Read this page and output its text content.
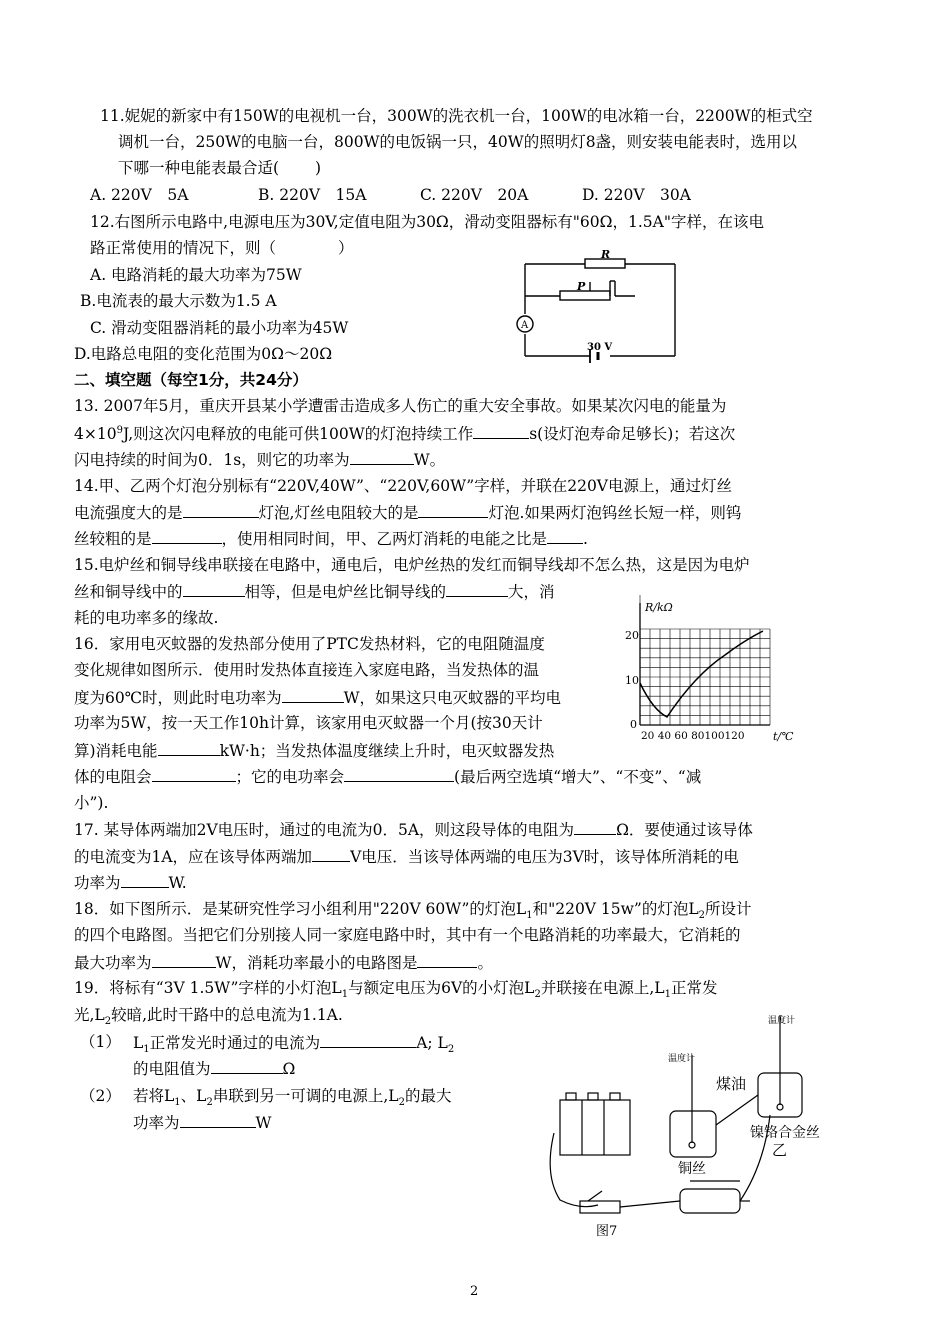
11.妮妮的新家中有150W的电视机一台，300W的洗衣机一台，100W的电冰箱一台，2200W的柜式空
调机一台，250W的电脑一台，800W的电饭锅一只，40W的照明灯8盏，则安装电能表时，选用以
下哪一种电能表最合适(　　 )
A. 220V　5A	B. 220V　15A	C. 220V　20A	D. 220V　30A
12.右图所示电路中,电源电压为30V,定值电阻为30Ω，滑动变阻器标有"60Ω，1.5A"字样，在该电
路正常使用的情况下，则（　　　　）
A. 电路消耗的最大功率为75W
B.电流表的最大示数为1.5 A
C. 滑动变阻器消耗的最小功率为45W
D.电路总电阻的变化范围为0Ω～20Ω
R
P
A
30 V
二、填空题（每空1分，共24分）
13. 2007年5月，重庆开县某小学遭雷击造成多人伤亡的重大安全事故。如果某次闪电的能量为
$4\times 10^9J$,则这次闪电释放的电能可供100W的灯泡持续工作	s(设灯泡寿命足够长)；若这次
闪电持续的时间为0．1s，则它的功率为	W。
14.甲、乙两个灯泡分别标有“220V,40W”、“220V,60W”字样，并联在220V电源上，通过灯丝
电流强度大的是	灯泡,灯丝电阻较大的是	灯泡.如果两灯泡钨丝长短一样，则钨
丝较粗的是	，使用相同时间，甲、乙两灯消耗的电能之比是 .
15.电炉丝和铜导线串联接在电路中，通电后，电炉丝热的发红而铜导线却不怎么热，这是因为电炉
丝和铜导线中的	相等，但是电炉丝比铜导线的	大，消
耗的电功率多的缘故.
16．家用电灭蚊器的发热部分使用了PTC发热材料，它的电阻随温度
变化规律如图所示．使用时发热体直接连入家庭电路，当发热体的温
度为60℃时，则此时电功率为	W，如果这只电灭蚊器的平均电
功率为5W，按一天工作10h计算，该家用电灭蚊器一个月(按30天计
算)消耗电能	kW·h；当发热体温度继续上升时，电灭蚊器发热
体的电阻会	；它的电功率会	(最后两空选填“增大”、“不变”、“减
小”).
R/kΩ
20
10
0
20 40 60 80100120	t/℃
17. 某导体两端加2V电压时，通过的电流为0．5A，则这段导体的电阻为	Ω．要使通过该导体
的电流变为1A，应在该导体两端加 V电压．当该导体两端的电压为3V时，该导体所消耗的电
功率为	W.
18．如下图所示．是某研究性学习小组利用"220V 60W”的灯泡$L_1$和"220V 15w”的灯泡$L_2$所设计
的四个电路图。当把它们分别接人同一家庭电路中时，其中有一个电路消耗的功率最大，它消耗的
最大功率为	W，消耗功率最小的电路图是	。
19．将标有“3V 1.5W”字样的小灯泡$L_1$与额定电压为6V的小灯泡$L_2$并联接在电源上$,L_1$正常发
光$,L_2$较暗,此时干路中的总电流为1.1A.
（1） $L_1$正常发光时通过的电流为	A; $L_2$
的电阻值为	Ω
（2） 若将$L_1$、$L_2$串联到另一可调的电源上$,L_2$的最大
功率为	W
温度计
温度计
煤油
镍铬合金丝
乙
铜丝
图7
2
